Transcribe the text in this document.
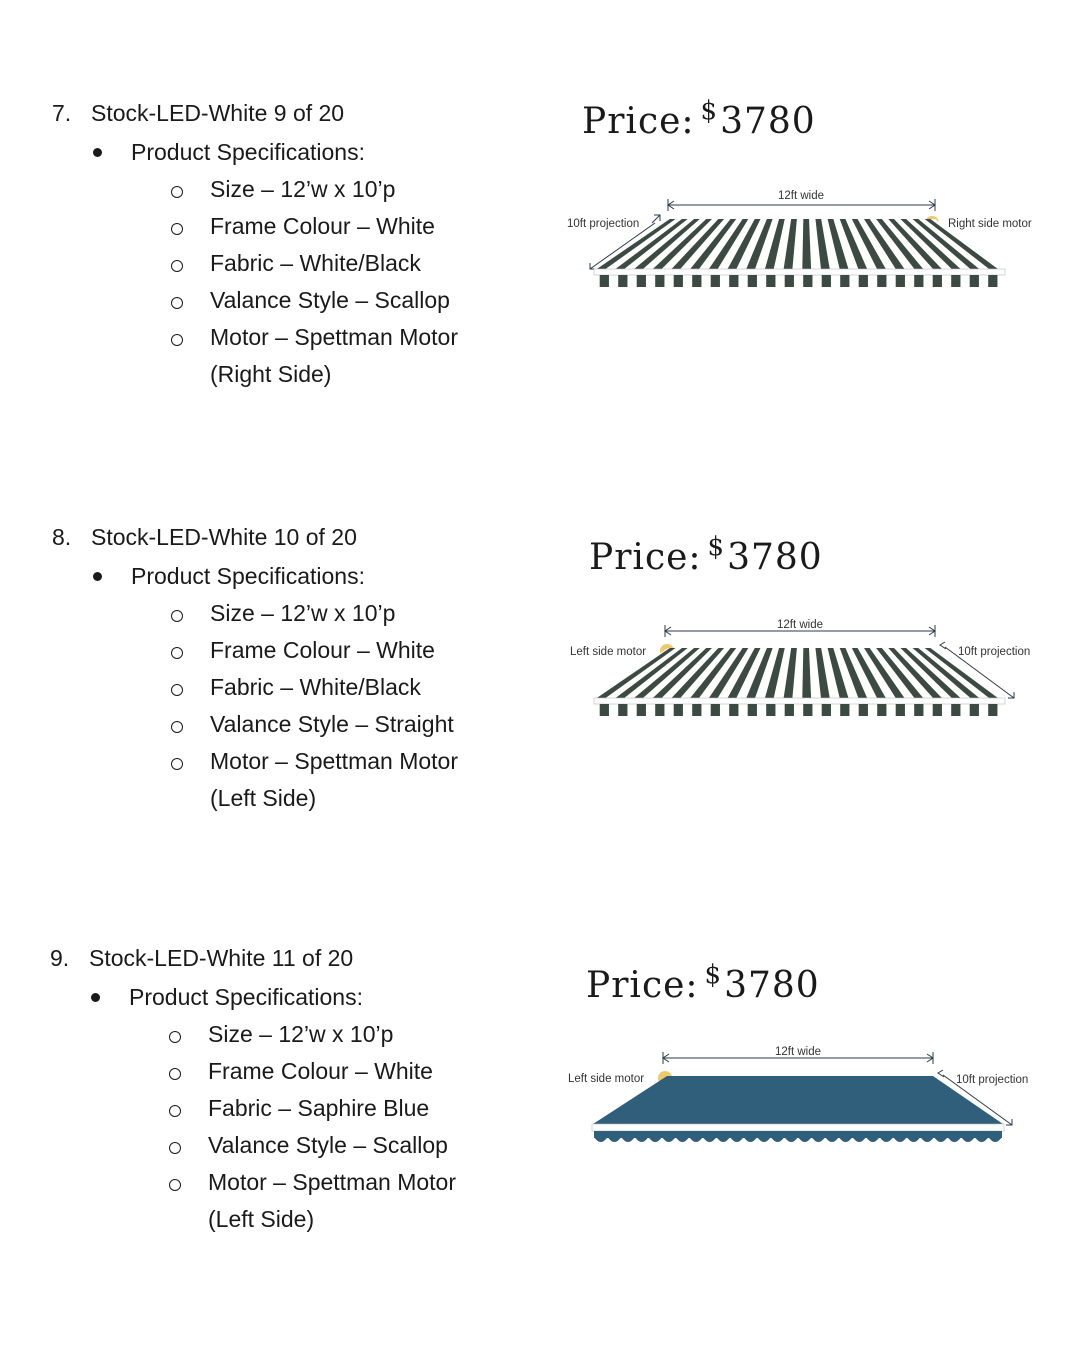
7. Stock-LED-White 9 of 20
Product Specifications:
Size – 12’w x 10’p
Frame Colour – White
Fabric – White/Black
Valance Style – Scallop
Motor – Spettman Motor
(Right Side)
Price: $3780
12ft wide
10ft projection	Right side motor
8. Stock-LED-White 10 of 20
Product Specifications:
Size – 12’w x 10’p
Frame Colour – White
Fabric – White/Black
Valance Style – Straight
Motor – Spettman Motor
(Left Side)
Price: $3780
12ft wide
Left side motor	10ft projection
9. Stock-LED-White 11 of 20
Product Specifications:
Size – 12’w x 10’p
Frame Colour – White
Fabric – Saphire Blue
Valance Style – Scallop
Motor – Spettman Motor
(Left Side)
Price: $3780
12ft wide
Left side motor	10ft projection
